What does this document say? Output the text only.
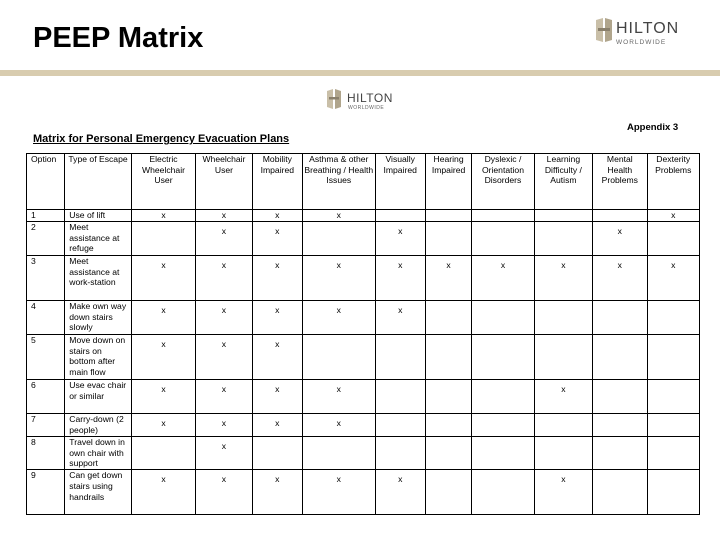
PEEP Matrix	HILTON
WORLDWIDE
HILTON
WORLDWIDE
Appendix 3
Matrix for Personal Emergency Evacuation Plans
Option	Type of Escape	Electric Wheelchair User	Wheelchair User	Mobility Impaired	Asthma & other Breathing / Health Issues	Visually Impaired	Hearing Impaired	Dyslexic / Orientation Disorders	Learning Difficulty / Autism	Mental Health Problems	Dexterity Problems
1	Use of lift	x	x	x	x						x
2	Meet assistance at refuge		x	x		x				x	
3	Meet assistance at work-station	x	x	x	x	x	x	x	x	x	x
4	Make own way down stairs slowly	x	x	x	x	x					
5	Move down on stairs on bottom after main flow	x	x	x							
6	Use evac chair or similar	x	x	x	x				x		
7	Carry-down (2 people)	x	x	x	x						
8	Travel down in own chair with support		x								
9	Can get down stairs using handrails	x	x	x	x	x			x		
